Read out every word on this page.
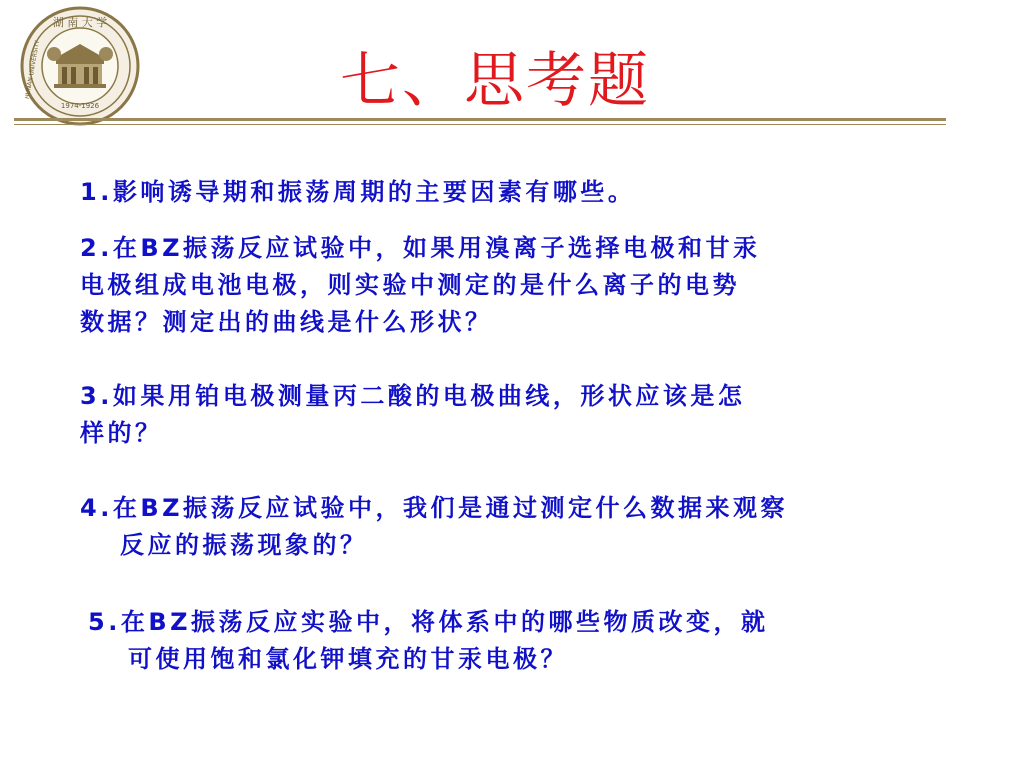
湖 南 大 学
HUNAN UNIVERSITY
1974-1926	七、思考题
1.影响诱导期和振荡周期的主要因素有哪些。
2.在BZ振荡反应试验中，如果用溴离子选择电极和甘汞
电极组成电池电极，则实验中测定的是什么离子的电势
数据？测定出的曲线是什么形状？
3.如果用铂电极测量丙二酸的电极曲线，形状应该是怎
样的？
4.在BZ振荡反应试验中，我们是通过测定什么数据来观察
反应的振荡现象的？
5.在BZ振荡反应实验中，将体系中的哪些物质改变，就
可使用饱和氯化钾填充的甘汞电极？
